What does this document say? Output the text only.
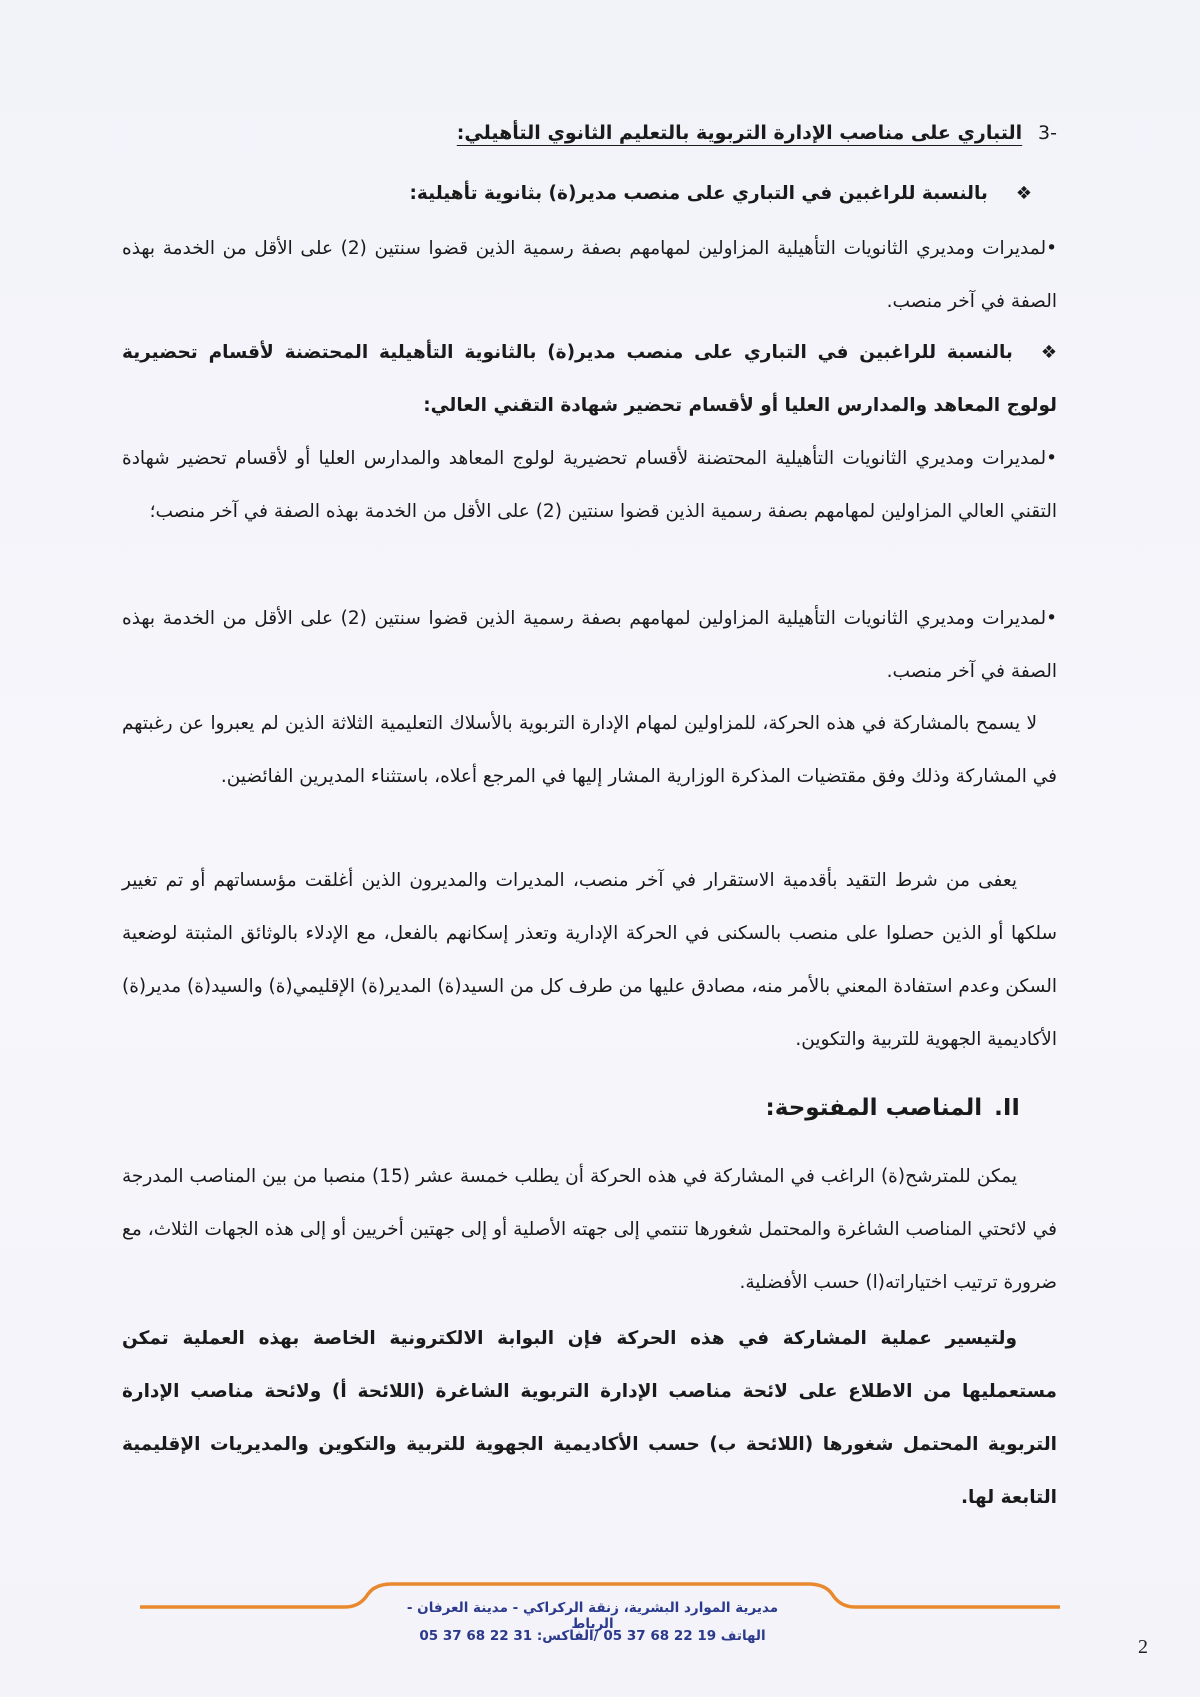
-3 التباري على مناصب الإدارة التربوية بالتعليم الثانوي التأهيلي:

❖بالنسبة للراغبين في التباري على منصب مدير(ة) بثانوية تأهيلية:

•لمديرات ومديري الثانويات التأهيلية المزاولين لمهامهم بصفة رسمية الذين قضوا سنتين (2) على الأقل من الخدمة بهذه الصفة في آخر منصب.

❖بالنسبة للراغبين في التباري على منصب مدير(ة) بالثانوية التأهيلية المحتضنة لأقسام تحضيرية لولوج المعاهد والمدارس العليا أو لأقسام تحضير شهادة التقني العالي:

•لمديرات ومديري الثانويات التأهيلية المحتضنة لأقسام تحضيرية لولوج المعاهد والمدارس العليا أو لأقسام تحضير شهادة التقني العالي المزاولين لمهامهم بصفة رسمية الذين قضوا سنتين (2) على الأقل من الخدمة بهذه الصفة في آخر منصب؛

•لمديرات ومديري الثانويات التأهيلية المزاولين لمهامهم بصفة رسمية الذين قضوا سنتين (2) على الأقل من الخدمة بهذه الصفة في آخر منصب.

لا يسمح بالمشاركة في هذه الحركة، للمزاولين لمهام الإدارة التربوية بالأسلاك التعليمية الثلاثة الذين لم يعبروا عن رغبتهم في المشاركة وذلك وفق مقتضيات المذكرة الوزارية المشار إليها في المرجع أعلاه، باستثناء المديرين الفائضين.

يعفى من شرط التقيد بأقدمية الاستقرار في آخر منصب، المديرات والمديرون الذين أغلقت مؤسساتهم أو تم تغيير سلكها أو الذين حصلوا على منصب بالسكنى في الحركة الإدارية وتعذر إسكانهم بالفعل، مع الإدلاء بالوثائق المثبتة لوضعية السكن وعدم استفادة المعني بالأمر منه، مصادق عليها من طرف كل من السيد(ة) المدير(ة) الإقليمي(ة) والسيد(ة) مدير(ة) الأكاديمية الجهوية للتربية والتكوين.

II.المناصب المفتوحة:

يمكن للمترشح(ة) الراغب في المشاركة في هذه الحركة أن يطلب خمسة عشر (15) منصبا من بين المناصب المدرجة في لائحتي المناصب الشاغرة والمحتمل شغورها تنتمي إلى جهته الأصلية أو إلى جهتين أخريين أو إلى هذه الجهات الثلاث، مع ضرورة ترتيب اختياراته(ا) حسب الأفضلية.

ولتيسير عملية المشاركة في هذه الحركة فإن البوابة الالكترونية الخاصة بهذه العملية تمكن مستعمليها من الاطلاع على لائحة مناصب الإدارة التربوية الشاغرة (اللائحة أ) ولائحة مناصب الإدارة التربوية المحتمل شغورها (اللائحة ب) حسب الأكاديمية الجهوية للتربية والتكوين والمديريات الإقليمية التابعة لها.

مديرية الموارد البشرية، زنقة الركراكي - مدينة العرفان - الرباط
الهاتف 19 22 68 37 05 /الفاكس: 31 22 68 37 05	2
